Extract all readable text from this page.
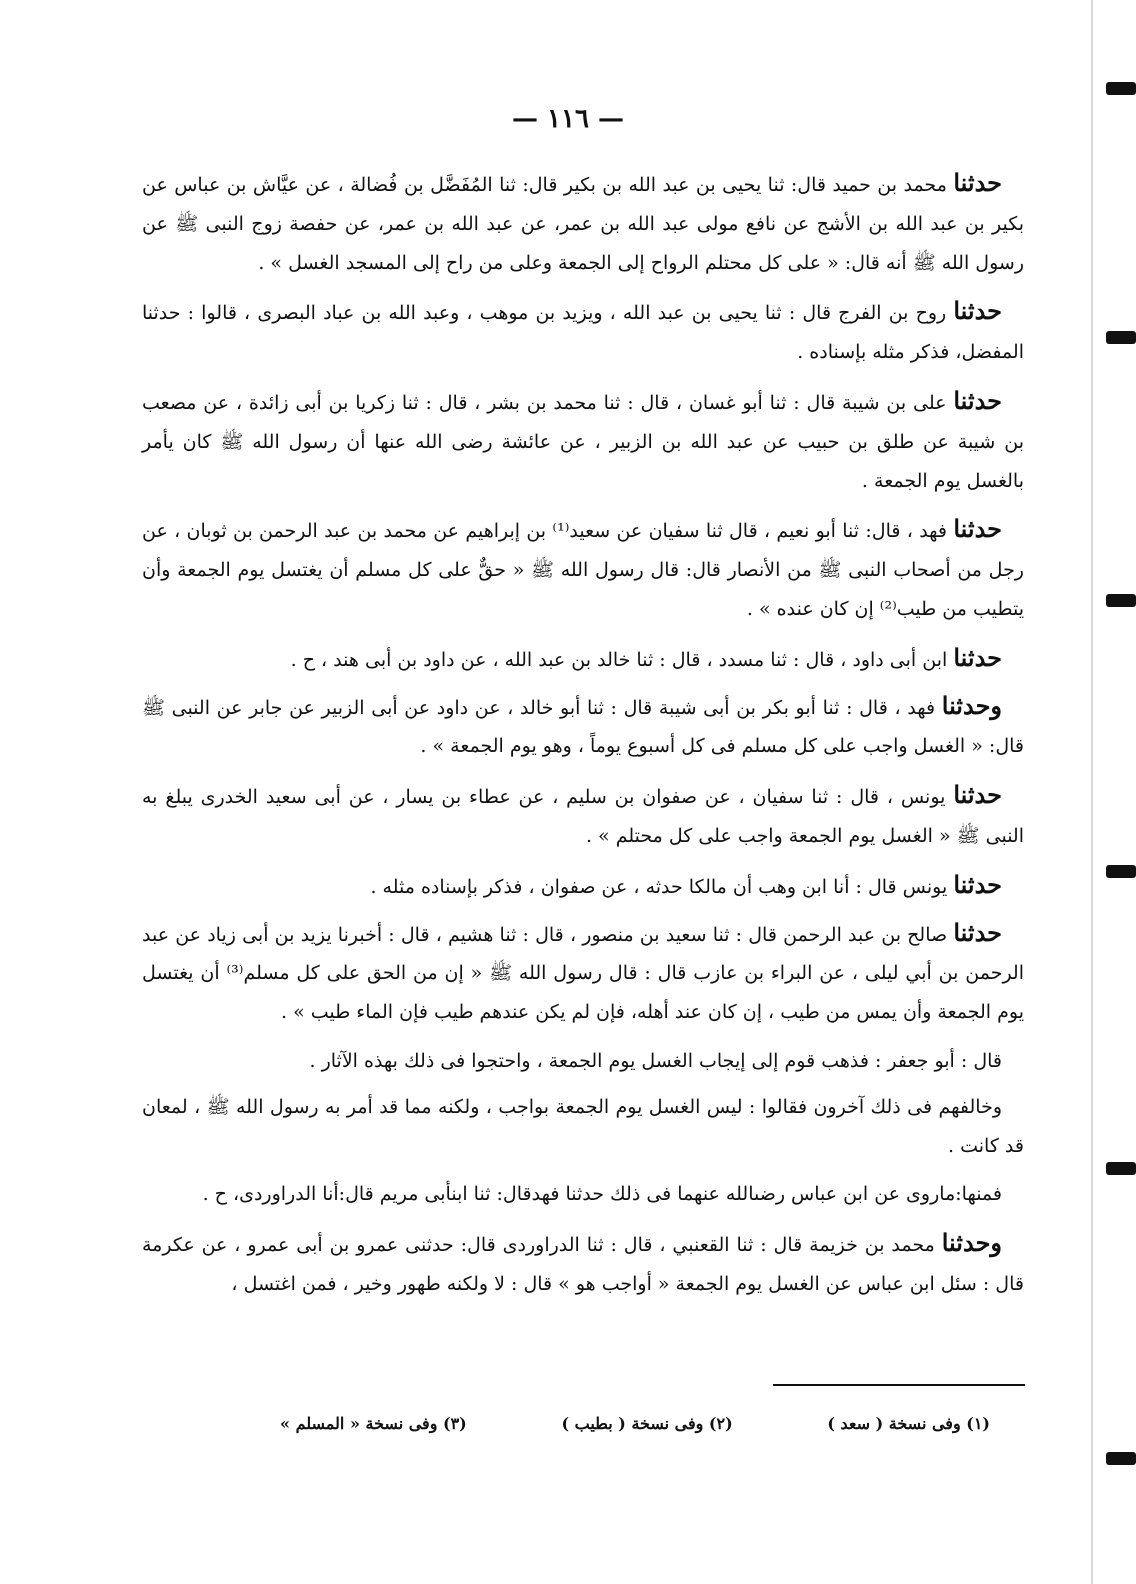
— ١١٦ —

حدثنا محمد بن حميد قال: ثنا يحيى بن عبد الله بن بكير قال: ثنا المُفَضَّل بن فُضالة ، عن عيَّاش بن عباس عن بكير بن عبد الله بن الأشج عن نافع مولى عبد الله بن عمر، عن عبد الله بن عمر، عن حفصة زوج النبى ﷺ عن رسول الله ﷺ أنه قال: « على كل محتلم الرواح إلى الجمعة وعلى من راح إلى المسجد الغسل » .

حدثنا روح بن الفرج قال : ثنا يحيى بن عبد الله ، ويزيد بن موهب ، وعبد الله بن عباد البصرى ، قالوا : حدثنا المفضل، فذكر مثله بإسناده .

حدثنا على بن شيبة قال : ثنا أبو غسان ، قال : ثنا محمد بن بشر ، قال : ثنا زكريا بن أبى زائدة ، عن مصعب بن شيبة عن طلق بن حبيب عن عبد الله بن الزبير ، عن عائشة رضى الله عنها أن رسول الله ﷺ كان يأمر بالغسل يوم الجمعة .

حدثنا فهد ، قال: ثنا أبو نعيم ، قال ثنا سفيان عن سعيد⁽¹⁾ بن إبراهيم عن محمد بن عبد الرحمن بن ثوبان ، عن رجل من أصحاب النبى ﷺ من الأنصار قال: قال رسول الله ﷺ « حقٌّ على كل مسلم أن يغتسل يوم الجمعة وأن يتطيب من طيب⁽²⁾ إن كان عنده » .

حدثنا ابن أبى داود ، قال : ثنا مسدد ، قال : ثنا خالد بن عبد الله ، عن داود بن أبى هند ، ح .

وحدثنا فهد ، قال : ثنا أبو بكر بن أبى شيبة قال : ثنا أبو خالد ، عن داود عن أبى الزبير عن جابر عن النبى ﷺ قال: « الغسل واجب على كل مسلم فى كل أسبوع يوماً ، وهو يوم الجمعة » .

حدثنا يونس ، قال : ثنا سفيان ، عن صفوان بن سليم ، عن عطاء بن يسار ، عن أبى سعيد الخدرى يبلغ به النبى ﷺ « الغسل يوم الجمعة واجب على كل محتلم » .

حدثنا يونس قال : أنا ابن وهب أن مالكا حدثه ، عن صفوان ، فذكر بإسناده مثله .

حدثنا صالح بن عبد الرحمن قال : ثنا سعيد بن منصور ، قال : ثنا هشيم ، قال : أخبرنا يزيد بن أبى زياد عن عبد الرحمن بن أبي ليلى ، عن البراء بن عازب قال : قال رسول الله ﷺ « إن من الحق على كل مسلم⁽³⁾ أن يغتسل يوم الجمعة وأن يمس من طيب ، إن كان عند أهله، فإن لم يكن عندهم طيب فإن الماء طيب » .

قال : أبو جعفر : فذهب قوم إلى إيجاب الغسل يوم الجمعة ، واحتجوا فى ذلك بهذه الآثار .

وخالفهم فى ذلك آخرون فقالوا : ليس الغسل يوم الجمعة بواجب ، ولكنه مما قد أمر به رسول الله ﷺ ، لمعان قد كانت .

فمنها:ماروى عن ابن عباس رضىالله عنهما فى ذلك حدثنا فهدقال: ثنا ابنأبى مريم قال:أنا الدراوردى، ح .

وحدثنا محمد بن خزيمة قال : ثنا القعنبي ، قال : ثنا الدراوردى قال: حدثنى عمرو بن أبى عمرو ، عن عكرمة قال : سئل ابن عباس عن الغسل يوم الجمعة « أواجب هو » قال : لا ولكنه طهور وخير ، فمن اغتسل ،

(١) وفى نسخة ( سعد )
(٢) وفى نسخة ( بطيب )
(٣) وفى نسخة « المسلم »
